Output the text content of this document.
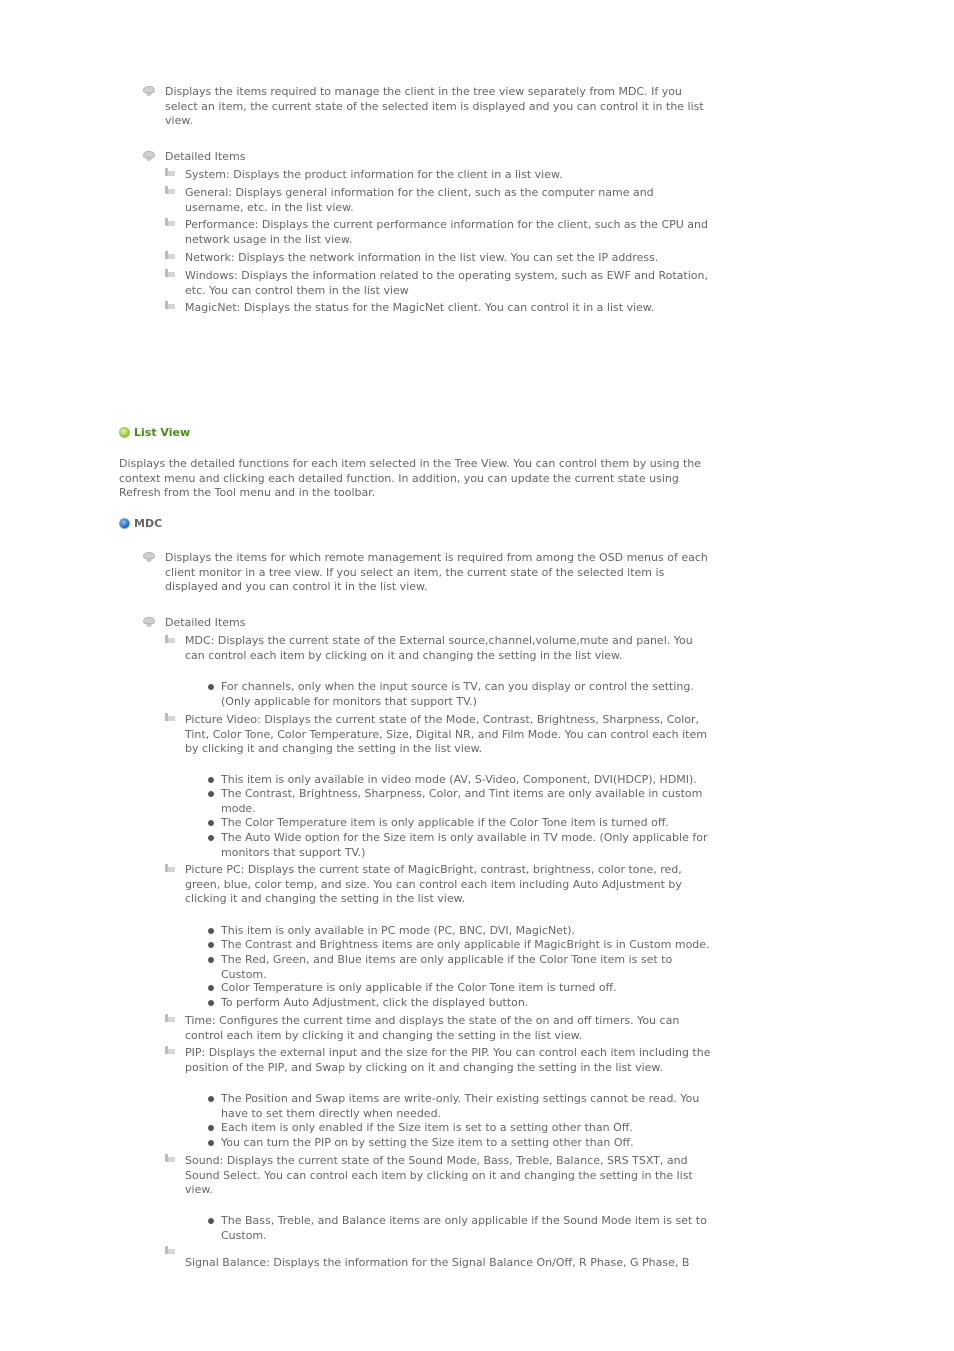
Displays the items required to manage the client in the tree view separately from MDC. If you select an item, the current state of the selected item is displayed and you can control it in the list view.
Detailed Items
System: Displays the product information for the client in a list view.
General: Displays general information for the client, such as the computer name and username, etc. in the list view.
Performance: Displays the current performance information for the client, such as the CPU and network usage in the list view.
Network: Displays the network information in the list view. You can set the IP address.
Windows: Displays the information related to the operating system, such as EWF and Rotation, etc. You can control them in the list view
MagicNet: Displays the status for the MagicNet client. You can control it in a list view.
List View
Displays the detailed functions for each item selected in the Tree View. You can control them by using the context menu and clicking each detailed function. In addition, you can update the current state using Refresh from the Tool menu and in the toolbar.
MDC
Displays the items for which remote management is required from among the OSD menus of each client monitor in a tree view. If you select an item, the current state of the selected item is displayed and you can control it in the list view.
Detailed Items
MDC: Displays the current state of the External source,channel,volume,mute and panel. You can control each item by clicking on it and changing the setting in the list view.
For channels, only when the input source is TV, can you display or control the setting. (Only applicable for monitors that support TV.)
Picture Video: Displays the current state of the Mode, Contrast, Brightness, Sharpness, Color, Tint, Color Tone, Color Temperature, Size, Digital NR, and Film Mode. You can control each item by clicking it and changing the setting in the list view.
This item is only available in video mode (AV, S-Video, Component, DVI(HDCP), HDMI).
The Contrast, Brightness, Sharpness, Color, and Tint items are only available in custom mode.
The Color Temperature item is only applicable if the Color Tone item is turned off.
The Auto Wide option for the Size item is only available in TV mode. (Only applicable for monitors that support TV.)
Picture PC: Displays the current state of MagicBright, contrast, brightness, color tone, red, green, blue, color temp, and size. You can control each item including Auto Adjustment by clicking it and changing the setting in the list view.
This item is only available in PC mode (PC, BNC, DVI, MagicNet).
The Contrast and Brightness items are only applicable if MagicBright is in Custom mode.
The Red, Green, and Blue items are only applicable if the Color Tone item is set to Custom.
Color Temperature is only applicable if the Color Tone item is turned off.
To perform Auto Adjustment, click the displayed button.
Time: Configures the current time and displays the state of the on and off timers. You can control each item by clicking it and changing the setting in the list view.
PIP: Displays the external input and the size for the PIP. You can control each item including the position of the PIP, and Swap by clicking on it and changing the setting in the list view.
The Position and Swap items are write-only. Their existing settings cannot be read. You have to set them directly when needed.
Each item is only enabled if the Size item is set to a setting other than Off.
You can turn the PIP on by setting the Size item to a setting other than Off.
Sound: Displays the current state of the Sound Mode, Bass, Treble, Balance, SRS TSXT, and Sound Select. You can control each item by clicking on it and changing the setting in the list view.
The Bass, Treble, and Balance items are only applicable if the Sound Mode item is set to Custom.
Signal Balance: Displays the information for the Signal Balance On/Off, R Phase, G Phase, B
